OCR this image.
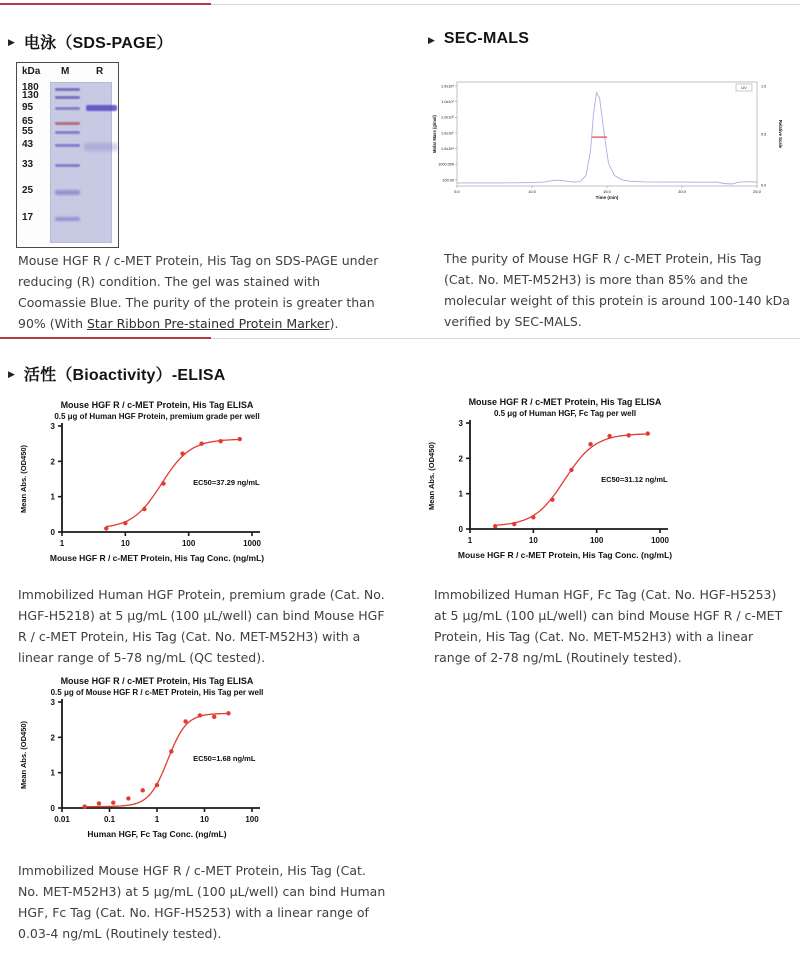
▶ 电泳（SDS-PAGE）
kDa M	R
180
130
95
65
55
43
33
25
17

Mouse HGF R / c-MET Protein, His Tag on SDS-PAGE under reducing (R) condition. The gel was stained with Coomassie Blue. The purity of the protein is greater than 90% (With Star Ribbon Pre-stained Protein Marker).

▶ SEC-MALS
1.0x10⁸
1.0x10⁷
1.0x10⁶
1.0x10⁵
1.0x10⁴
1000.000
100.00
Molar Mass (g/mol)
1.0
0.5
0.0
Relative Scale
5.0	10.0	15.0	20.0	25.0
Time (min)
UV

The purity of Mouse HGF R / c-MET Protein, His Tag (Cat. No. MET-M52H3) is more than 85% and the molecular weight of this protein is around 100-140 kDa verified by SEC-MALS.

▶ 活性（Bioactivity）-ELISA
Mouse HGF R / c-MET Protein, His Tag ELISA
0.5 μg of Human HGF Protein, premium grade per well
0
1
2
3
1	10	100	1000
Mean Abs. (OD450)
Mouse HGF R / c-MET Protein, His Tag Conc. (ng/mL)
EC50=37.29 ng/mL
Mouse HGF R / c-MET Protein, His Tag ELISA
0.5 μg of Human HGF, Fc Tag per well
0
1
2
3
1	10	100	1000
Mean Abs. (OD450)
Mouse HGF R / c-MET Protein, His Tag Conc. (ng/mL)
EC50=31.12 ng/mL

Immobilized Human HGF Protein, premium grade (Cat. No. HGF-H5218) at 5 μg/mL (100 μL/well) can bind Mouse HGF R / c-MET Protein, His Tag (Cat. No. MET-M52H3) with a linear range of 5-78 ng/mL (QC tested).

Immobilized Human HGF, Fc Tag (Cat. No. HGF-H5253) at 5 μg/mL (100 μL/well) can bind Mouse HGF R / c-MET Protein, His Tag (Cat. No. MET-M52H3) with a linear range of 2-78 ng/mL (Routinely tested).

Mouse HGF R / c-MET Protein, His Tag ELISA
0.5 μg of Mouse HGF R / c-MET Protein, His Tag per well
0
1
2
3
0.01	0.1	1	10	100
Mean Abs. (OD450)
Human HGF, Fc Tag Conc. (ng/mL)
EC50=1.68 ng/mL

Immobilized Mouse HGF R / c-MET Protein, His Tag (Cat. No. MET-M52H3) at 5 μg/mL (100 μL/well) can bind Human HGF, Fc Tag (Cat. No. HGF-H5253) with a linear range of 0.03-4 ng/mL (Routinely tested).
